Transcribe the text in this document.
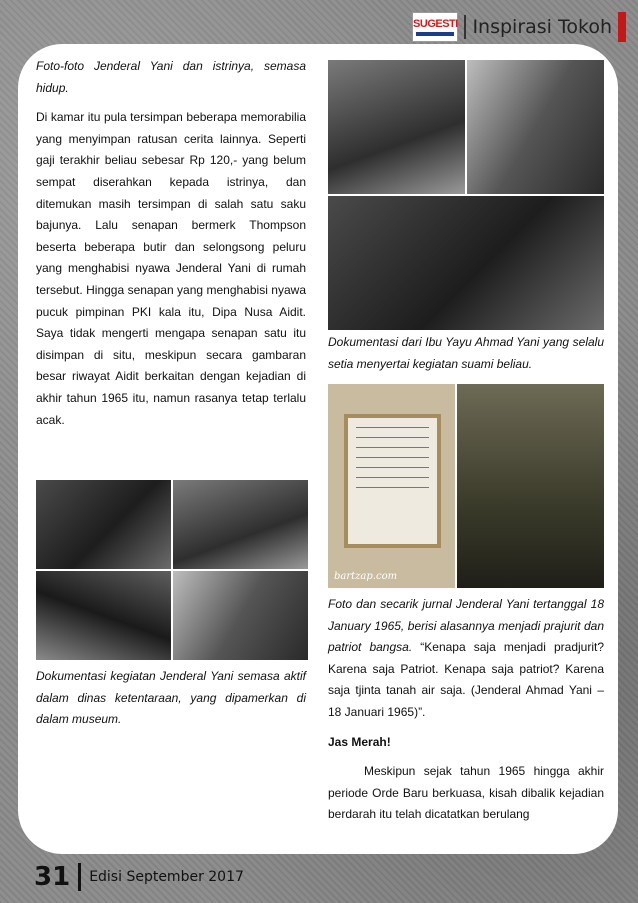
SUGESTI Inspirasi Tokoh

Foto-foto Jenderal Yani dan istrinya, semasa hidup.

Di kamar itu pula tersimpan beberapa memorabilia yang menyimpan ratusan cerita lainnya. Seperti gaji terakhir beliau sebesar Rp 120,- yang belum sempat diserahkan kepada istrinya, dan ditemukan masih tersimpan di salah satu saku bajunya. Lalu senapan bermerk Thompson beserta beberapa butir dan selongsong peluru yang menghabisi nyawa Jenderal Yani di rumah tersebut. Hingga senapan yang menghabisi nyawa pucuk pimpinan PKI kala itu, Dipa Nusa Aidit. Saya tidak mengerti mengapa senapan satu itu disimpan di situ, meskipun secara gambaran besar riwayat Aidit berkaitan dengan kejadian di akhir tahun 1965 itu, namun rasanya tetap terlalu acak.

Dokumentasi kegiatan Jenderal Yani semasa aktif dalam dinas ketentaraan, yang dipamerkan di dalam museum.

Dokumentasi dari Ibu Yayu Ahmad Yani yang selalu setia menyertai kegiatan suami beliau.

bartzap.com

Foto dan secarik jurnal Jenderal Yani tertanggal 18 January 1965, berisi alasannya menjadi prajurit dan patriot bangsa. “Kenapa saja menjadi pradjurit? Karena saja Patriot. Kenapa saja patriot? Karena saja tjinta tanah air saja. (Jenderal Ahmad Yani – 18 Januari 1965)”.

Jas Merah!

Meskipun sejak tahun 1965 hingga akhir periode Orde Baru berkuasa, kisah dibalik kejadian berdarah itu telah dicatatkan berulang

31 Edisi September 2017
